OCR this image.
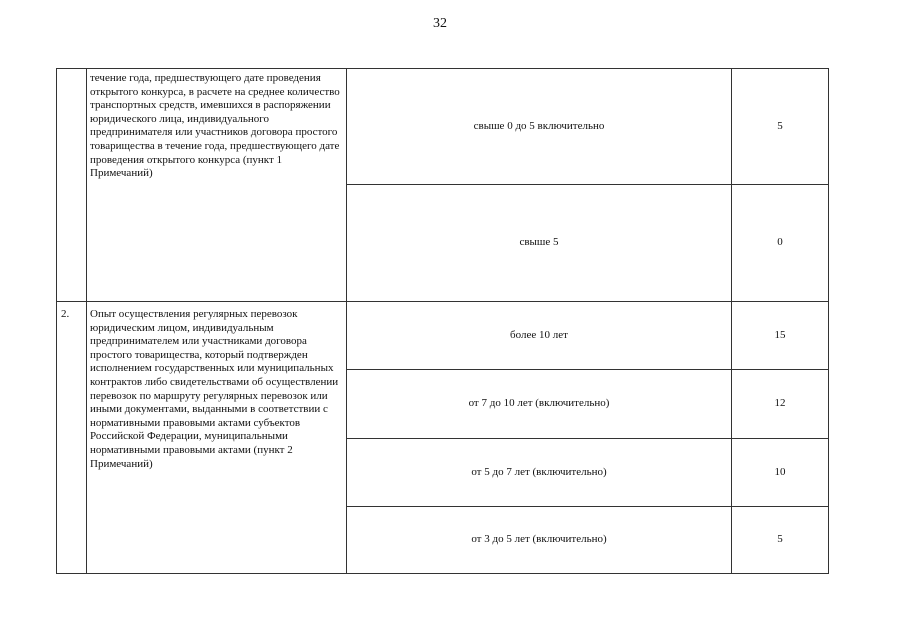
32

	течение года, предшествующего дате проведения открытого конкурса, в расчете на среднее количество транспортных средств, имевшихся в распоряжении юридического лица, индивидуального предпринимателя или участников договора простого товарищества в течение года, предшествующего дате проведения открытого конкурса (пункт 1 Примечаний)	свыше 0 до 5 включительно	5
		свыше 5	0

2.	Опыт осуществления регулярных перевозок юридическим лицом, индивидуальным предпринимателем или участниками договора простого товарищества, который подтвержден исполнением государственных или муниципальных контрактов либо свидетельствами об осуществлении перевозок по маршруту регулярных перевозок или иными документами, выданными в соответствии с нормативными правовыми актами субъектов Российской Федерации, муниципальными нормативными правовыми актами (пункт 2 Примечаний)	более 10 лет	15
		от 7 до 10 лет (включительно)	12
		от 5 до 7 лет (включительно)	10
		от 3 до 5 лет (включительно)	5
